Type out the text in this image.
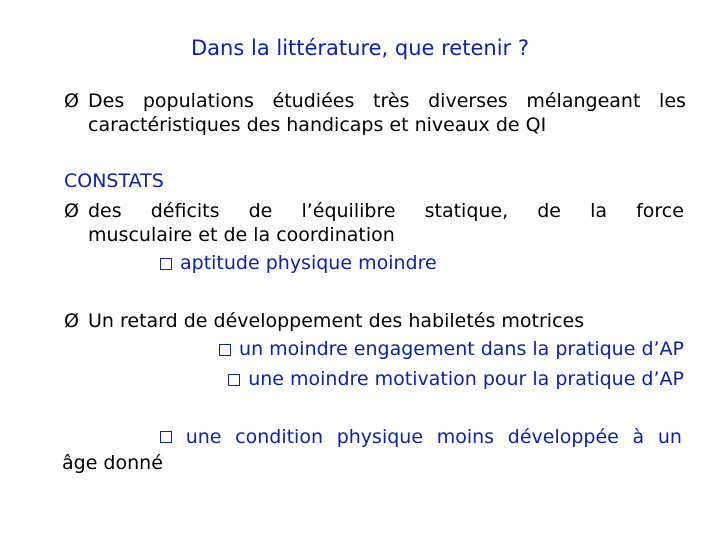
Dans la littérature, que retenir ?
Ø Des populations étudiées très diverses mélangeant les
caractéristiques des handicaps et niveaux de QI
CONSTATS
Ø des déficits de l’équilibre statique, de la force
musculaire et de la coordination
aptitude physique moindre
Ø Un retard de développement des habiletés motrices
un moindre engagement dans la pratique d’AP
une moindre motivation pour la pratique d’AP
une condition physique moins développée à un
âge donné
